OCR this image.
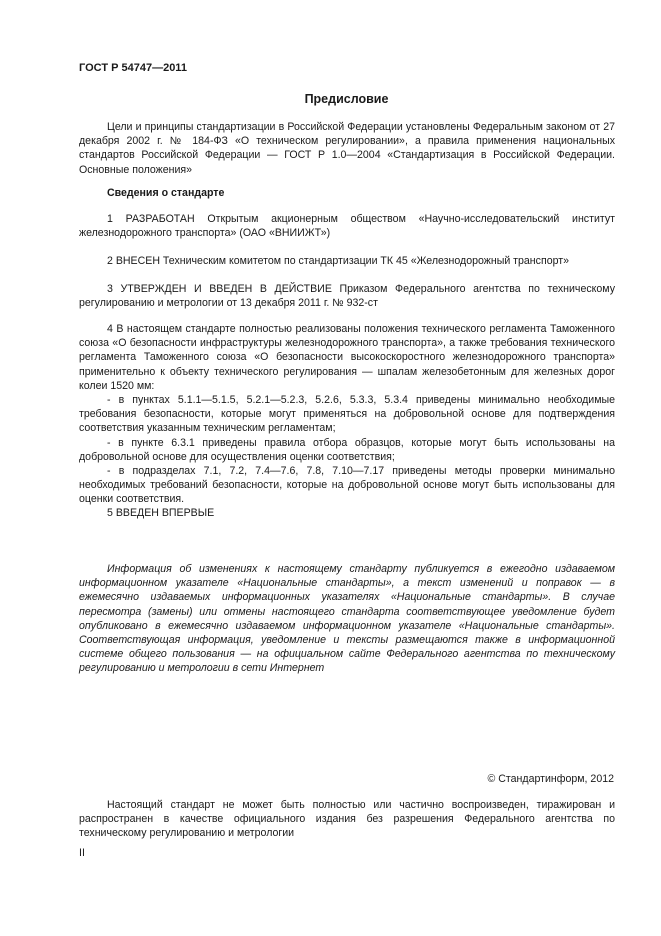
ГОСТ Р 54747—2011
Предисловие

Цели и принципы стандартизации в Российской Федерации установлены Федеральным законом от 27 декабря 2002 г. № 184-ФЗ «О техническом регулировании», а правила применения национальных стандартов Российской Федерации — ГОСТ Р 1.0—2004 «Стандартизация в Российской Федерации. Основные положения»

Сведения о стандарте

1 РАЗРАБОТАН Открытым акционерным обществом «Научно-исследовательский институт железнодорожного транспорта» (ОАО «ВНИИЖТ»)

2 ВНЕСЕН Техническим комитетом по стандартизации ТК 45 «Железнодорожный транспорт»

3 УТВЕРЖДЕН И ВВЕДЕН В ДЕЙСТВИЕ Приказом Федерального агентства по техническому регулированию и метрологии от 13 декабря 2011 г. № 932-ст

4 В настоящем стандарте полностью реализованы положения технического регламента Таможенного союза «О безопасности инфраструктуры железнодорожного транспорта», а также требования технического регламента Таможенного союза «О безопасности высокоскоростного железнодорожного транспорта» применительно к объекту технического регулирования — шпалам железобетонным для железных дорог колеи 1520 мм:

- в пунктах 5.1.1—5.1.5, 5.2.1—5.2.3, 5.2.6, 5.3.3, 5.3.4 приведены минимально необходимые требования безопасности, которые могут применяться на добровольной основе для подтверждения соответствия указанным техническим регламентам;

- в пункте 6.3.1 приведены правила отбора образцов, которые могут быть использованы на добровольной основе для осуществления оценки соответствия;

- в подразделах 7.1, 7.2, 7.4—7.6, 7.8, 7.10—7.17 приведены методы проверки минимально необходимых требований безопасности, которые на добровольной основе могут быть использованы для оценки соответствия.

5 ВВЕДЕН ВПЕРВЫЕ

Информация об изменениях к настоящему стандарту публикуется в ежегодно издаваемом информационном указателе «Национальные стандарты», а текст изменений и поправок — в ежемесячно издаваемых информационных указателях «Национальные стандарты». В случае пересмотра (замены) или отмены настоящего стандарта соответствующее уведомление будет опубликовано в ежемесячно издаваемом информационном указателе «Национальные стандарты». Соответствующая информация, уведомление и тексты размещаются также в информационной системе общего пользования — на официальном сайте Федерального агентства по техническому регулированию и метрологии в сети Интернет

© Стандартинформ, 2012

Настоящий стандарт не может быть полностью или частично воспроизведен, тиражирован и распространен в качестве официального издания без разрешения Федерального агентства по техническому регулированию и метрологии

II
